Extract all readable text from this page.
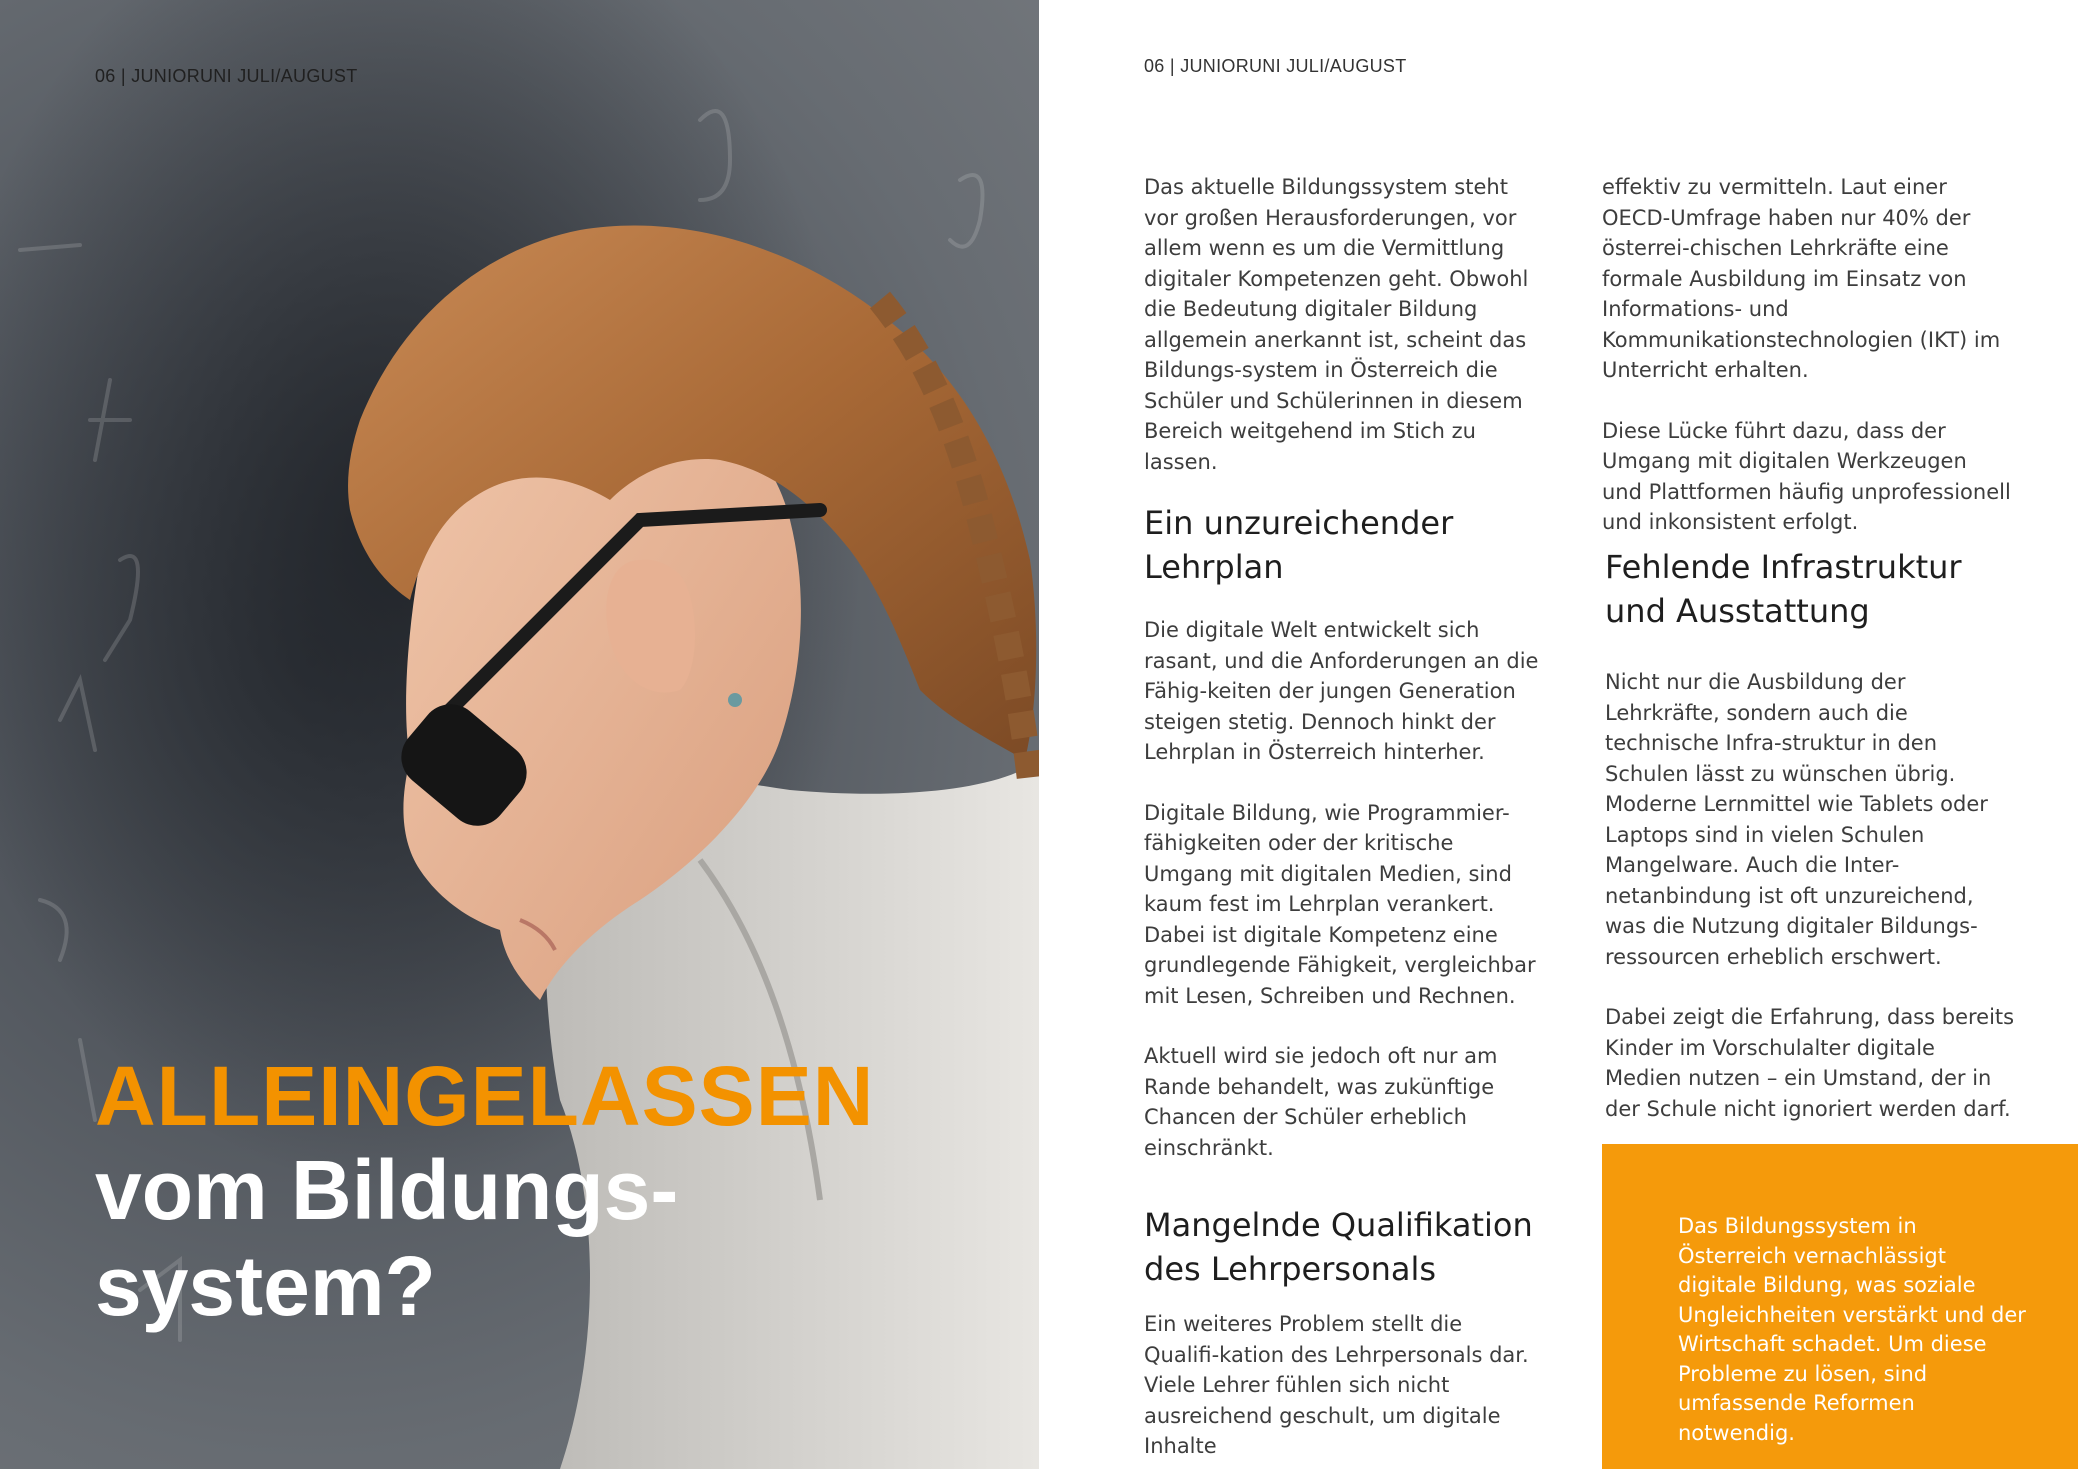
06 | JUNIORUNI JULI/AUGUST
ALLEINGELASSEN
vom Bildungs-
system?
06 | JUNIORUNI JULI/AUGUST

Das aktuelle Bildungssystem steht vor großen Herausforderungen, vor allem wenn es um die Vermittlung digitaler Kompetenzen geht. Obwohl die Bedeutung digitaler Bildung allgemein anerkannt ist, scheint das Bildungs-system in Österreich die Schüler und Schülerinnen in diesem Bereich weitgehend im Stich zu lassen.

Ein unzureichender Lehrplan

Die digitale Welt entwickelt sich rasant, und die Anforderungen an die Fähig-keiten der jungen Generation steigen stetig. Dennoch hinkt der Lehrplan in Österreich hinterher.

Digitale Bildung, wie Programmier-fähigkeiten oder der kritische Umgang mit digitalen Medien, sind kaum fest im Lehrplan verankert. Dabei ist digitale Kompetenz eine grundlegende Fähigkeit, vergleichbar mit Lesen, Schreiben und Rechnen.

Aktuell wird sie jedoch oft nur am Rande behandelt, was zukünftige Chancen der Schüler erheblich einschränkt.

Mangelnde Qualifikation des Lehrpersonals

Ein weiteres Problem stellt die Qualifi-kation des Lehrpersonals dar. Viele Lehrer fühlen sich nicht ausreichend geschult, um digitale Inhalte

effektiv zu vermitteln. Laut einer OECD-Umfrage haben nur 40% der österrei-chischen Lehrkräfte eine formale Ausbildung im Einsatz von Informations- und Kommunikationstechnologien (IKT) im Unterricht erhalten.

Diese Lücke führt dazu, dass der Umgang mit digitalen Werkzeugen und Plattformen häufig unprofessionell und inkonsistent erfolgt.

Fehlende Infrastruktur und Ausstattung

Nicht nur die Ausbildung der Lehrkräfte, sondern auch die technische Infra-struktur in den Schulen lässt zu wünschen übrig. Moderne Lernmittel wie Tablets oder Laptops sind in vielen Schulen Mangelware. Auch die Inter-netanbindung ist oft unzureichend, was die Nutzung digitaler Bildungs-ressourcen erheblich erschwert.

Dabei zeigt die Erfahrung, dass bereits Kinder im Vorschulalter digitale Medien nutzen – ein Umstand, der in der Schule nicht ignoriert werden darf.

Das Bildungssystem in Österreich vernachlässigt digitale Bildung, was soziale Ungleichheiten verstärkt und der Wirtschaft schadet. Um diese Probleme zu lösen, sind umfassende Reformen notwendig.
